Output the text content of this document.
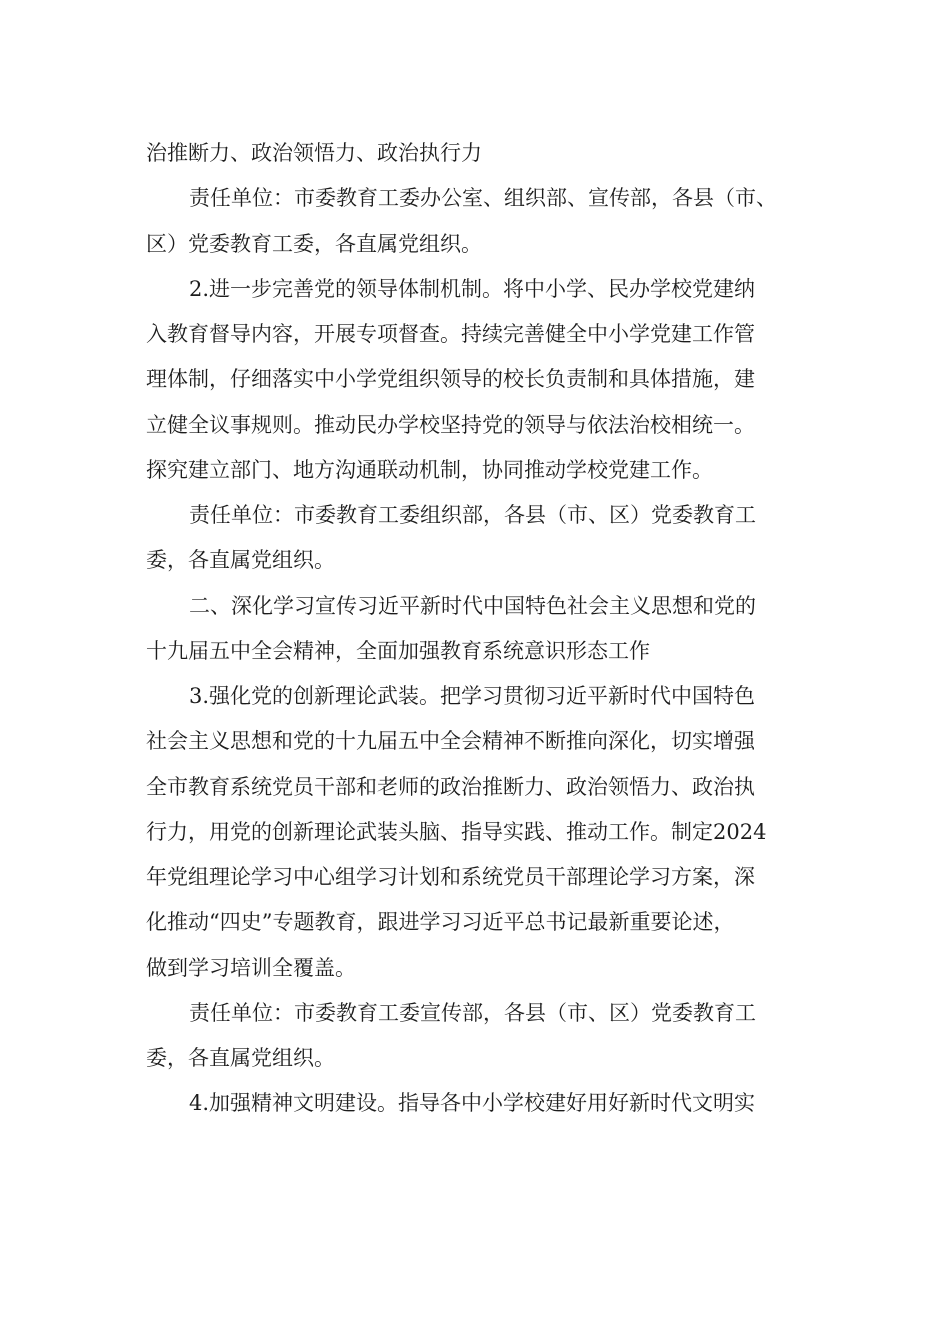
治推断力、政治领悟力、政治执行力
责任单位：市委教育工委办公室、组织部、宣传部，各县（市、
区）党委教育工委，各直属党组织。
2.进一步完善党的领导体制机制。将中小学、民办学校党建纳
入教育督导内容，开展专项督查。持续完善健全中小学党建工作管
理体制，仔细落实中小学党组织领导的校长负责制和具体措施，建
立健全议事规则。推动民办学校坚持党的领导与依法治校相统一。
探究建立部门、地方沟通联动机制，协同推动学校党建工作。
责任单位：市委教育工委组织部，各县（市、区）党委教育工
委，各直属党组织。
二、深化学习宣传习近平新时代中国特色社会主义思想和党的
十九届五中全会精神，全面加强教育系统意识形态工作
3.强化党的创新理论武装。把学习贯彻习近平新时代中国特色
社会主义思想和党的十九届五中全会精神不断推向深化，切实增强
全市教育系统党员干部和老师的政治推断力、政治领悟力、政治执
行力，用党的创新理论武装头脑、指导实践、推动工作。制定2024
年党组理论学习中心组学习计划和系统党员干部理论学习方案，深
化推动“四史”专题教育，跟进学习习近平总书记最新重要论述，
做到学习培训全覆盖。
责任单位：市委教育工委宣传部，各县（市、区）党委教育工
委，各直属党组织。
4.加强精神文明建设。指导各中小学校建好用好新时代文明实
